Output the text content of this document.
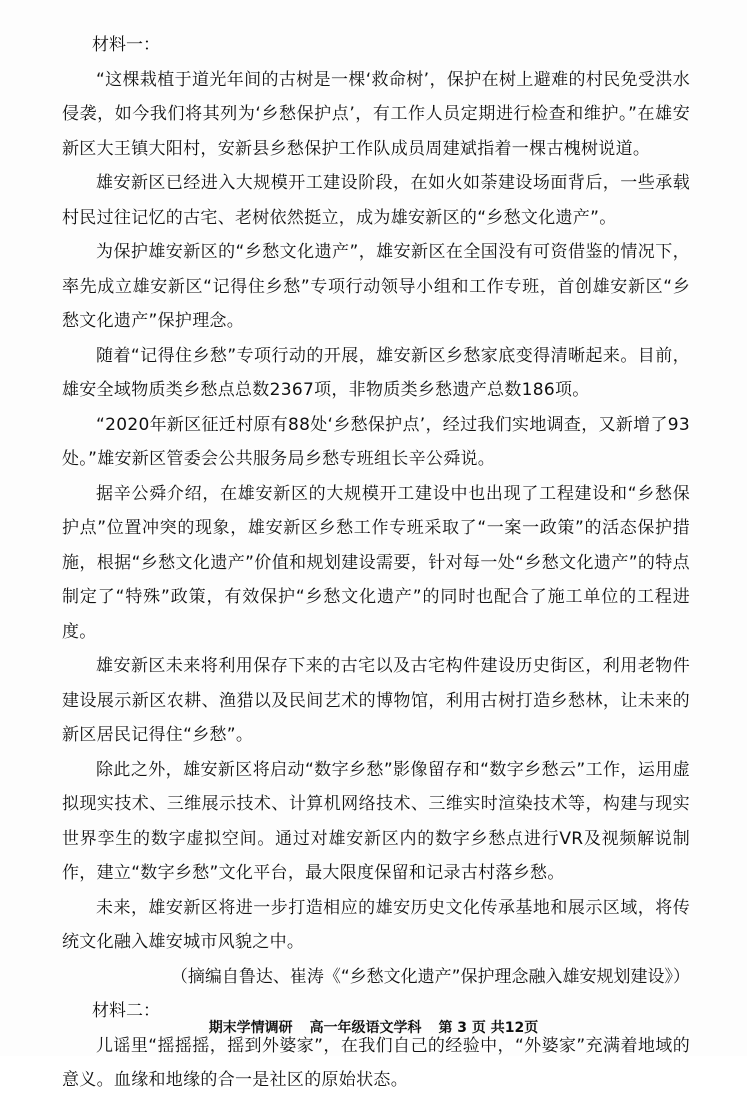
材料一：

“这棵栽植于道光年间的古树是一棵‘救命树’，保护在树上避难的村民免受洪水侵袭，如今我们将其列为‘乡愁保护点’，有工作人员定期进行检查和维护。”在雄安新区大王镇大阳村，安新县乡愁保护工作队成员周建斌指着一棵古槐树说道。

雄安新区已经进入大规模开工建设阶段，在如火如荼建设场面背后，一些承载村民过往记忆的古宅、老树依然挺立，成为雄安新区的“乡愁文化遗产”。

为保护雄安新区的“乡愁文化遗产”，雄安新区在全国没有可资借鉴的情况下，率先成立雄安新区“记得住乡愁”专项行动领导小组和工作专班，首创雄安新区“乡愁文化遗产”保护理念。

随着“记得住乡愁”专项行动的开展，雄安新区乡愁家底变得清晰起来。目前，雄安全域物质类乡愁点总数2367项，非物质类乡愁遗产总数186项。

“2020年新区征迁村原有88处‘乡愁保护点’，经过我们实地调查，又新增了93处。”雄安新区管委会公共服务局乡愁专班组长辛公舜说。

据辛公舜介绍，在雄安新区的大规模开工建设中也出现了工程建设和“乡愁保护点”位置冲突的现象，雄安新区乡愁工作专班采取了“一案一政策”的活态保护措施，根据“乡愁文化遗产”价值和规划建设需要，针对每一处“乡愁文化遗产”的特点制定了“特殊”政策，有效保护“乡愁文化遗产”的同时也配合了施工单位的工程进度。

雄安新区未来将利用保存下来的古宅以及古宅构件建设历史街区，利用老物件建设展示新区农耕、渔猎以及民间艺术的博物馆，利用古树打造乡愁林，让未来的新区居民记得住“乡愁”。

除此之外，雄安新区将启动“数字乡愁”影像留存和“数字乡愁云”工作，运用虚拟现实技术、三维展示技术、计算机网络技术、三维实时渲染技术等，构建与现实世界孪生的数字虚拟空间。通过对雄安新区内的数字乡愁点进行VR及视频解说制作，建立“数字乡愁”文化平台，最大限度保留和记录古村落乡愁。

未来，雄安新区将进一步打造相应的雄安历史文化传承基地和展示区域，将传统文化融入雄安城市风貌之中。

（摘编自鲁达、崔涛《“乡愁文化遗产”保护理念融入雄安规划建设》）

材料二：

儿谣里“摇摇摇，摇到外婆家”，在我们自己的经验中，“外婆家”充满着地域的意义。血缘和地缘的合一是社区的原始状态。

期末学情调研 高一年级语文学科 第 3 页 共12页
